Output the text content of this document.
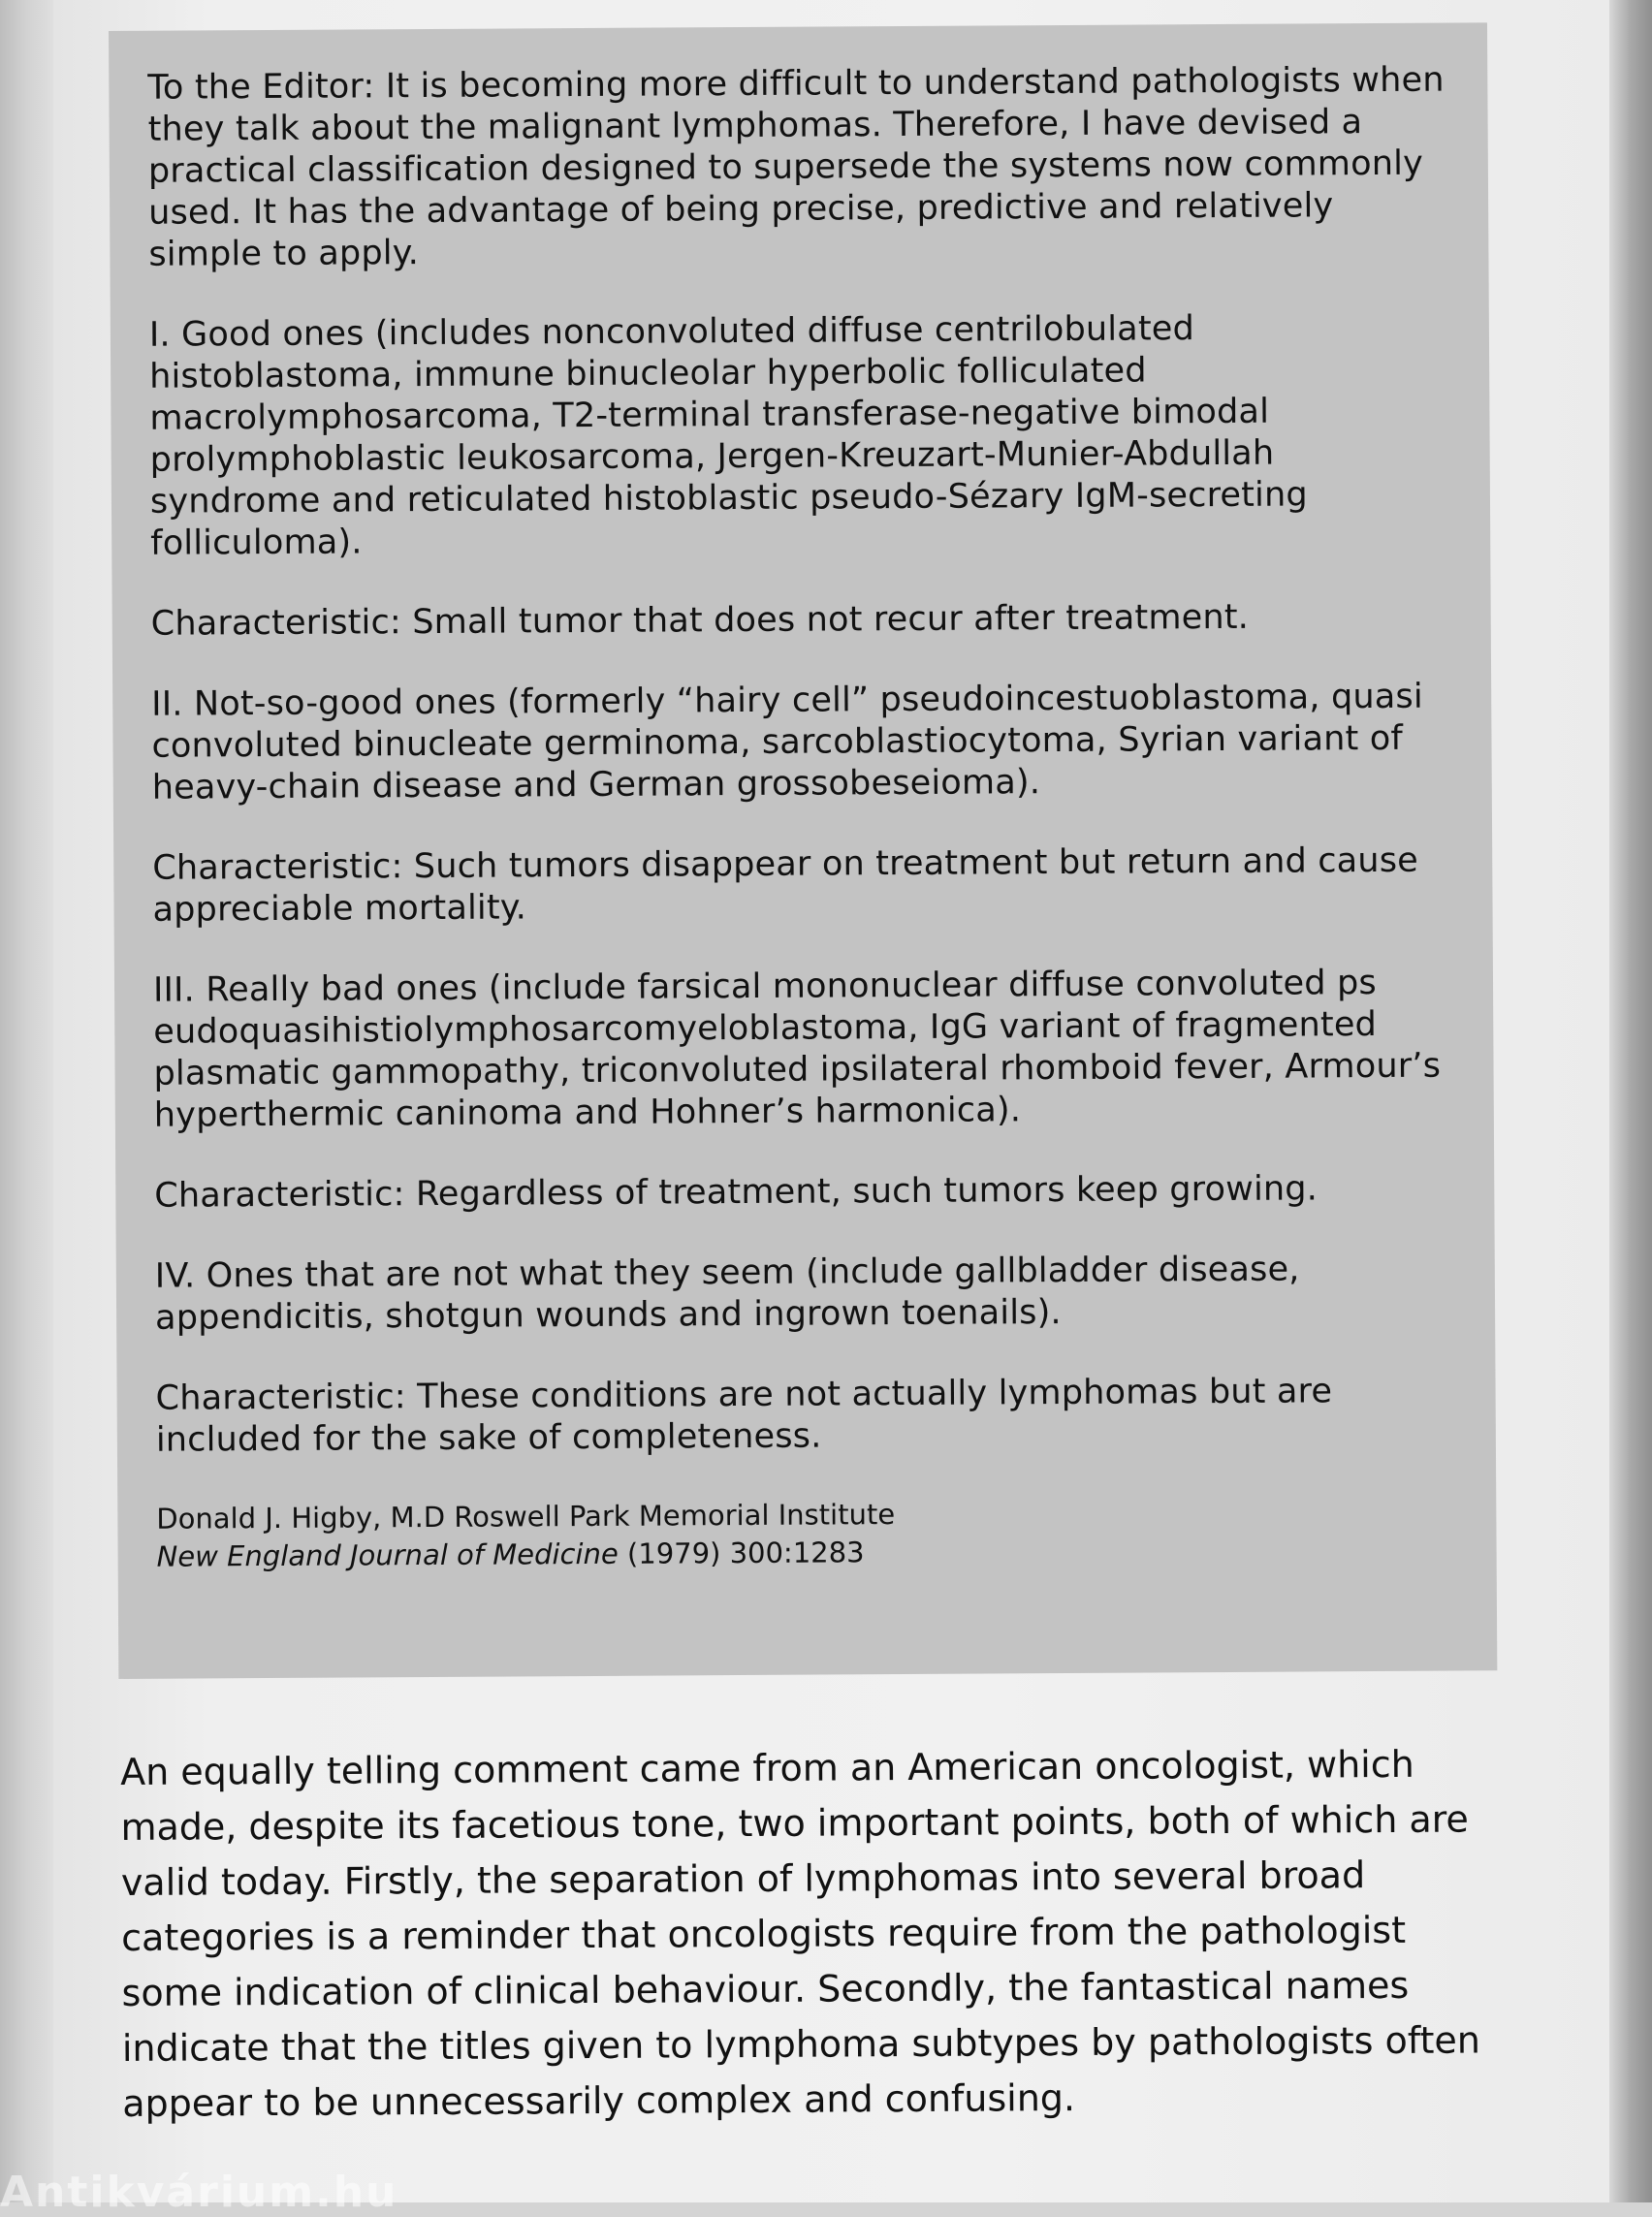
To the Editor: It is becoming more difficult to understand pathologists when they talk about the malignant lymphomas. Therefore, I have devised a practical classification designed to supersede the systems now commonly used. It has the advantage of being precise, predictive and relatively simple to apply.

I. Good ones (includes nonconvoluted diffuse centrilobulated histoblastoma, immune binucleolar hyperbolic folliculated macrolymphosarcoma, T2-terminal transferase-negative bimodal prolymphoblastic leukosarcoma, Jergen-Kreuzart-Munier-Abdullah syndrome and reticulated histoblastic pseudo-Sézary IgM-secreting folliculoma).

Characteristic: Small tumor that does not recur after treatment.

II. Not-so-good ones (formerly “hairy cell” pseudoincestuoblastoma, quasi convoluted binucleate germinoma, sarcoblastiocytoma, Syrian variant of heavy-chain disease and German grossobeseioma).

Characteristic: Such tumors disappear on treatment but return and cause appreciable mortality.

III. Really bad ones (include farsical mononuclear diffuse convoluted ps eudoquasihistiolymphosarcomyeloblastoma, IgG variant of fragmented plasmatic gammopathy, triconvoluted ipsilateral rhomboid fever, Armour’s hyperthermic caninoma and Hohner’s harmonica).

Characteristic: Regardless of treatment, such tumors keep growing.

IV. Ones that are not what they seem (include gallbladder disease, appendicitis, shotgun wounds and ingrown toenails).

Characteristic: These conditions are not actually lymphomas but are included for the sake of completeness.

Donald J. Higby, M.D Roswell Park Memorial Institute
New England Journal of Medicine (1979) 300:1283

An equally telling comment came from an American oncologist, which made, despite its facetious tone, two important points, both of which are valid today. Firstly, the separation of lymphomas into several broad categories is a reminder that oncologists require from the pathologist some indication of clinical behaviour. Secondly, the fantastical names indicate that the titles given to lymphoma subtypes by pathologists often appear to be unnecessarily complex and confusing.

Antikvárium.hu
